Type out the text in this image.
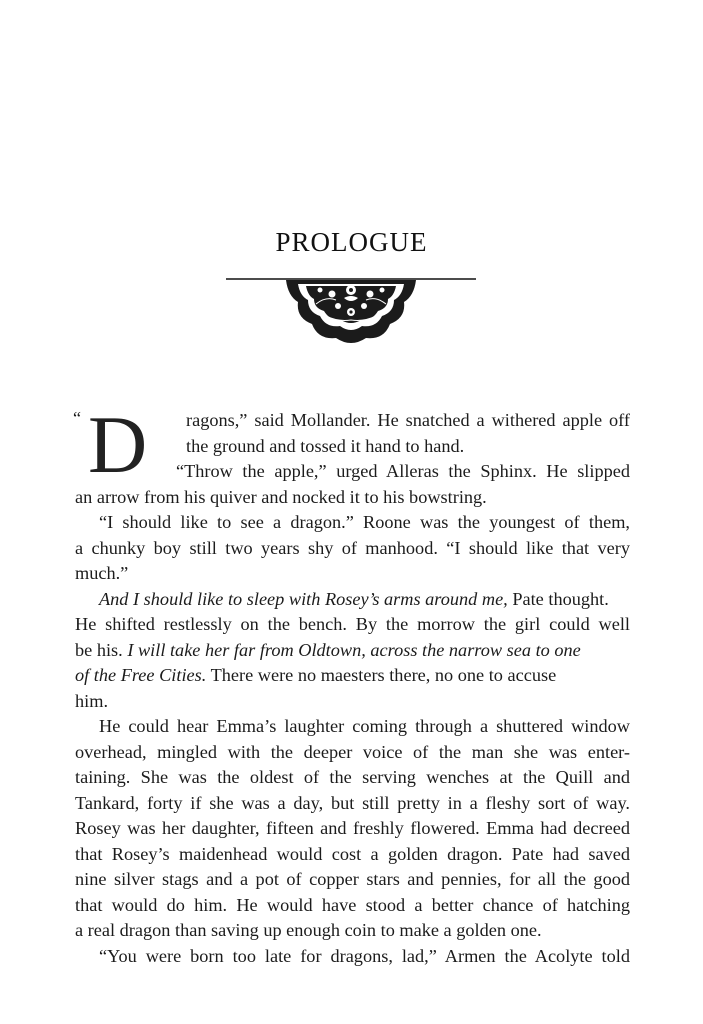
PROLOGUE
“ D	ragons,” said Mollander. He snatched a withered apple off
the ground and tossed it hand to hand.
“Throw the apple,” urged Alleras the Sphinx. He slipped
an arrow from his quiver and nocked it to his bowstring.
“I should like to see a dragon.” Roone was the youngest of them,
a chunky boy still two years shy of manhood. “I should like that very
much.”
And I should like to sleep with Rosey’s arms around me, Pate thought.
He shifted restlessly on the bench. By the morrow the girl could well
be his. I will take her far from Oldtown, across the narrow sea to one
of the Free Cities. There were no maesters there, no one to accuse
him.
He could hear Emma’s laughter coming through a shuttered window
overhead, mingled with the deeper voice of the man she was enter-
taining. She was the oldest of the serving wenches at the Quill and
Tankard, forty if she was a day, but still pretty in a fleshy sort of way.
Rosey was her daughter, fifteen and freshly flowered. Emma had decreed
that Rosey’s maidenhead would cost a golden dragon. Pate had saved
nine silver stags and a pot of copper stars and pennies, for all the good
that would do him. He would have stood a better chance of hatching
a real dragon than saving up enough coin to make a golden one.
“You were born too late for dragons, lad,” Armen the Acolyte told
